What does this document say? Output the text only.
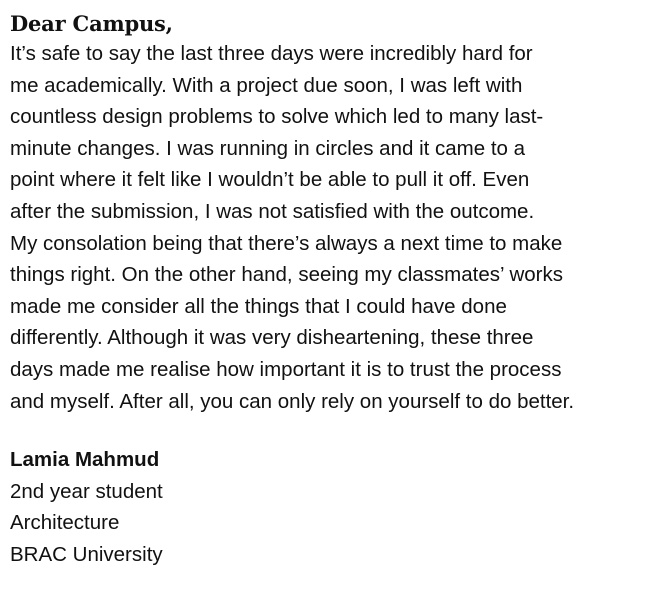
Dear Campus,
It’s safe to say the last three days were incredibly hard for
me academically. With a project due soon, I was left with
countless design problems to solve which led to many last-
minute changes. I was running in circles and it came to a
point where it felt like I wouldn’t be able to pull it off. Even
after the submission, I was not satisfied with the outcome.
My consolation being that there’s always a next time to make
things right. On the other hand, seeing my classmates’ works
made me consider all the things that I could have done
differently. Although it was very disheartening, these three
days made me realise how important it is to trust the process
and myself. After all, you can only rely on yourself to do better.
Lamia Mahmud
2nd year student
Architecture
BRAC University
